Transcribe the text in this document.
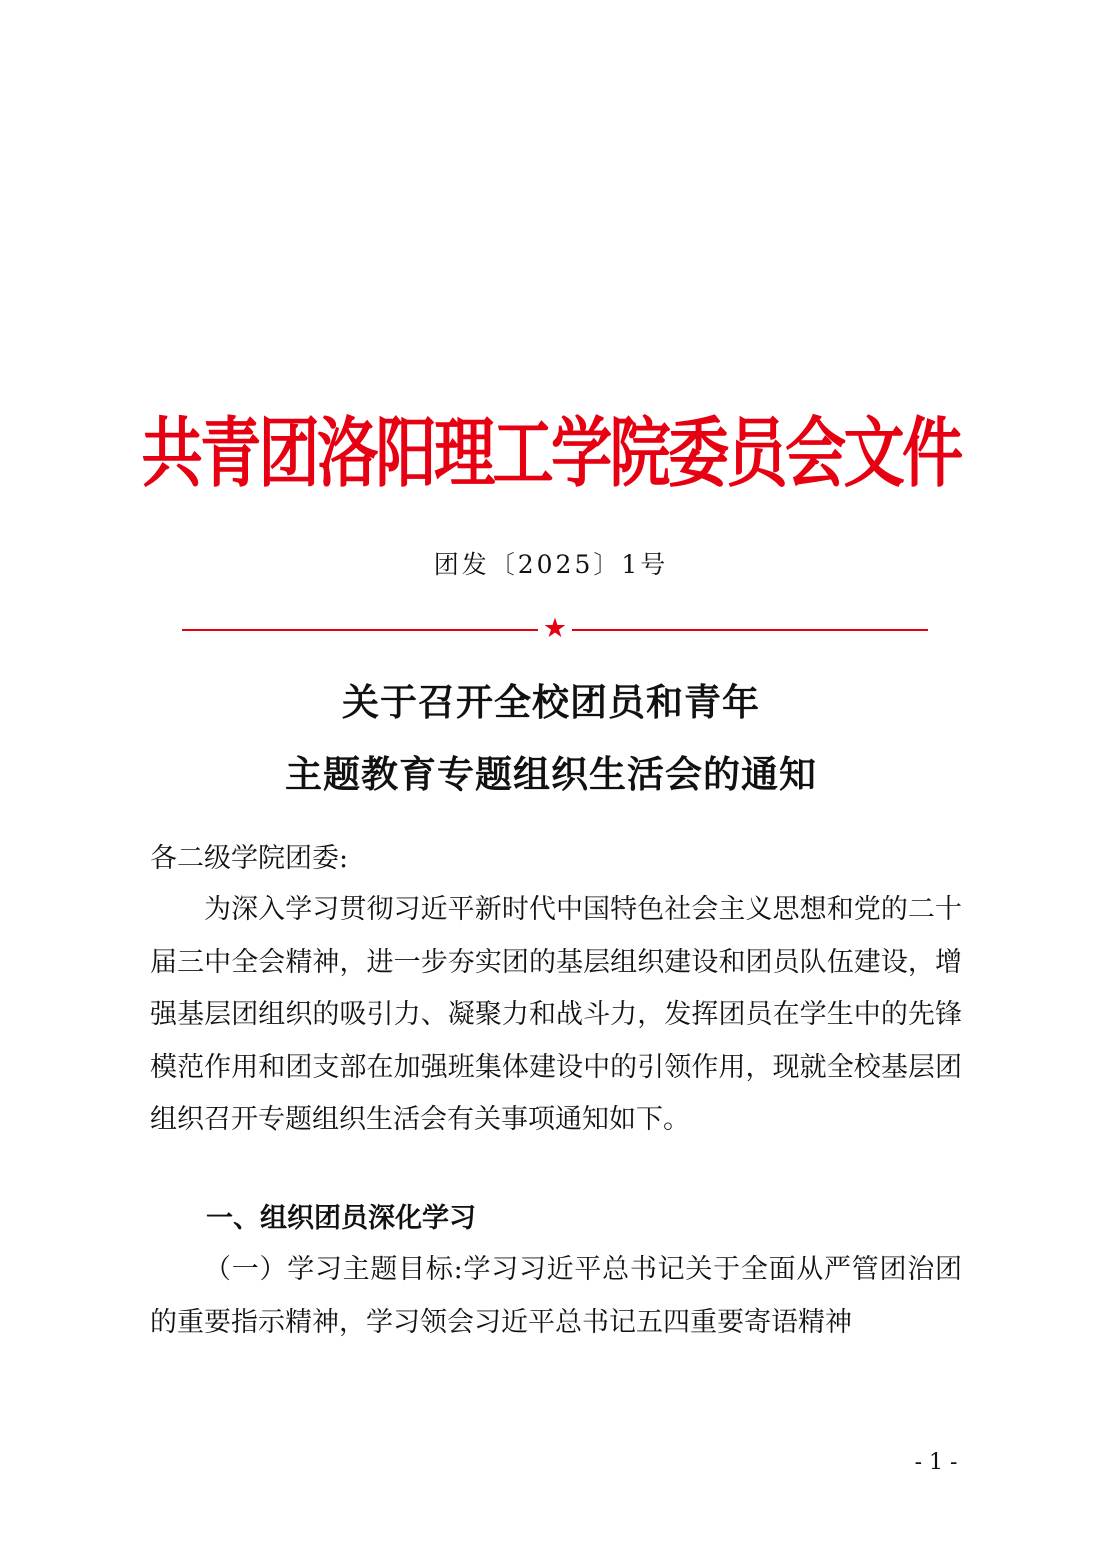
共青团洛阳理工学院委员会文件
团发〔2025〕1号
★
关于召开全校团员和青年
主题教育专题组织生活会的通知
各二级学院团委:

为深入学习贯彻习近平新时代中国特色社会主义思想和党的二十届三中全会精神，进一步夯实团的基层组织建设和团员队伍建设，增强基层团组织的吸引力、凝聚力和战斗力，发挥团员在学生中的先锋模范作用和团支部在加强班集体建设中的引领作用，现就全校基层团组织召开专题组织生活会有关事项通知如下。

一、组织团员深化学习

（一）学习主题目标:学习习近平总书记关于全面从严管团治团的重要指示精神，学习领会习近平总书记五四重要寄语精神

- 1 -
